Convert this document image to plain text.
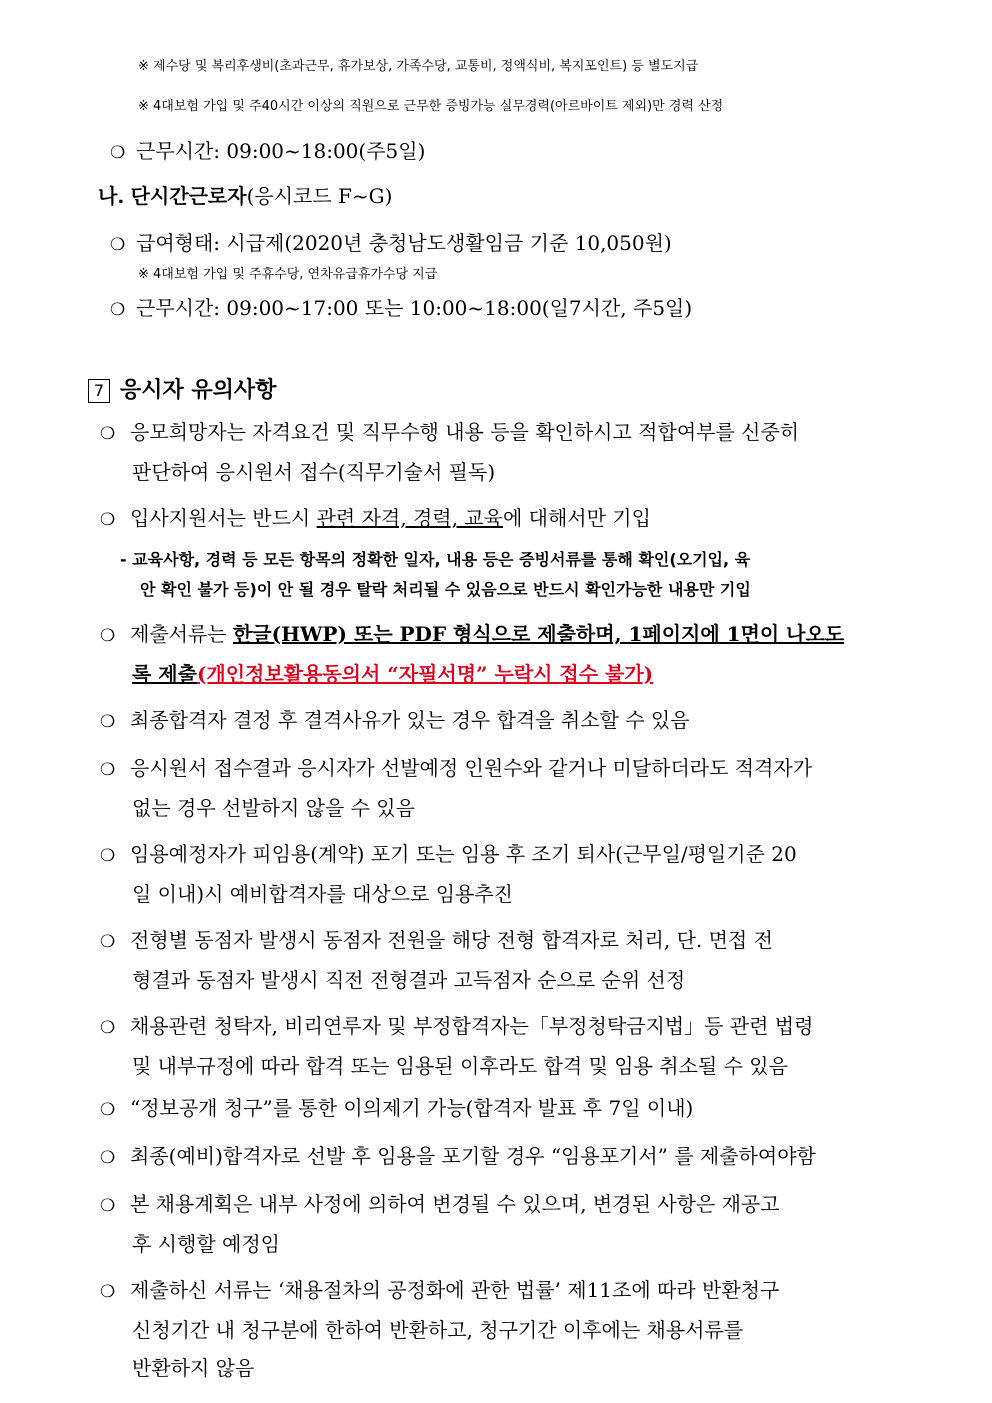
※ 제수당 및 복리후생비(초과근무, 휴가보상, 가족수당, 교통비, 정액식비, 복지포인트) 등 별도지급
※ 4대보험 가입 및 주40시간 이상의 직원으로 근무한 증빙가능 실무경력(아르바이트 제외)만 경력 산정
❍ 근무시간: 09:00~18:00(주5일)
나. 단시간근로자(응시코드 F~G)
❍ 급여형태: 시급제(2020년 충청남도생활임금 기준 10,050원)
※ 4대보험 가입 및 주휴수당, 연차유급휴가수당 지급
❍ 근무시간: 09:00~17:00 또는 10:00~18:00(일7시간, 주5일)
7 응시자 유의사항
❍ 응모희망자는 자격요건 및 직무수행 내용 등을 확인하시고 적합여부를 신중히
판단하여 응시원서 접수(직무기술서 필독)
❍ 입사지원서는 반드시 관련 자격, 경력, 교육에 대해서만 기입
- 교육사항, 경력 등 모든 항목의 정확한 일자, 내용 등은 증빙서류를 통해 확인(오기입, 육
안 확인 불가 등)이 안 될 경우 탈락 처리될 수 있음으로 반드시 확인가능한 내용만 기입
❍ 제출서류는 한글(HWP) 또는 PDF 형식으로 제출하며, 1페이지에 1면이 나오도
록 제출(개인정보활용동의서 “자필서명” 누락시 접수 불가)
❍ 최종합격자 결정 후 결격사유가 있는 경우 합격을 취소할 수 있음
❍ 응시원서 접수결과 응시자가 선발예정 인원수와 같거나 미달하더라도 적격자가
없는 경우 선발하지 않을 수 있음
❍ 임용예정자가 피임용(계약) 포기 또는 임용 후 조기 퇴사(근무일/평일기준 20
일 이내)시 예비합격자를 대상으로 임용추진
❍ 전형별 동점자 발생시 동점자 전원을 해당 전형 합격자로 처리, 단. 면접 전
형결과 동점자 발생시 직전 전형결과 고득점자 순으로 순위 선정
❍ 채용관련 청탁자, 비리연루자 및 부정합격자는「부정청탁금지법」등 관련 법령
및 내부규정에 따라 합격 또는 임용된 이후라도 합격 및 임용 취소될 수 있음
❍ “정보공개 청구”를 통한 이의제기 가능(합격자 발표 후 7일 이내)
❍ 최종(예비)합격자로 선발 후 임용을 포기할 경우 “임용포기서” 를 제출하여야함
❍ 본 채용계획은 내부 사정에 의하여 변경될 수 있으며, 변경된 사항은 재공고
후 시행할 예정임
❍ 제출하신 서류는 ‘채용절차의 공정화에 관한 법률’ 제11조에 따라 반환청구
신청기간 내 청구분에 한하여 반환하고, 청구기간 이후에는 채용서류를
반환하지 않음
